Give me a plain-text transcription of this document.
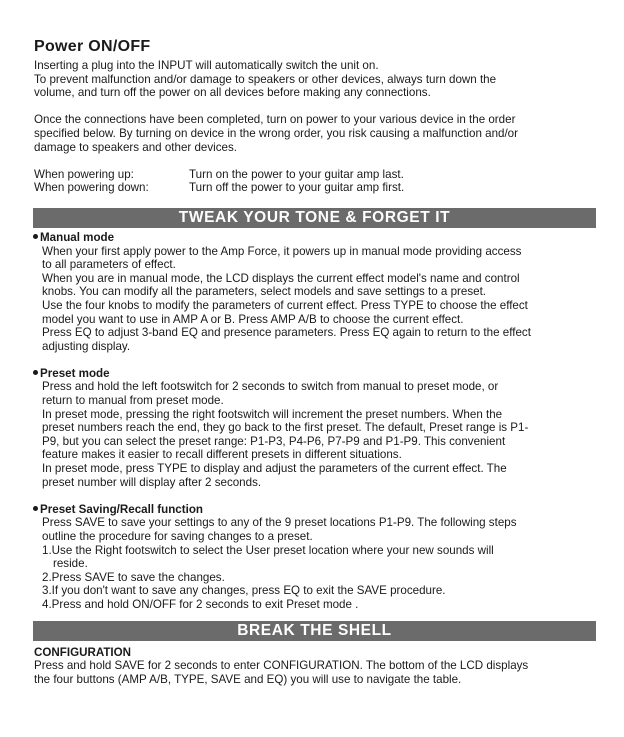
Power ON/OFF

Inserting a plug into the INPUT will automatically switch the unit on.

To prevent malfunction and/or damage to speakers or other devices, always turn down the

volume, and turn off the power on all devices before making any connections.

Once the connections have been completed, turn on power to your various device in the order

specified below. By turning on device in the wrong order, you risk causing a malfunction and/or

damage to speakers and other devices.

When powering up:	Turn on the power to your guitar amp last.
When powering down:	Turn off the power to your guitar amp first.
TWEAK YOUR TONE & FORGET IT
Manual mode

When your first apply power to the Amp Force, it powers up in manual mode providing access

to all parameters of effect.

When you are in manual mode, the LCD displays the current effect model's name and control

knobs. You can modify all the parameters, select models and save settings to a preset.

Use the four knobs to modify the parameters of current effect. Press TYPE to choose the effect

model you want to use in AMP A or B. Press AMP A/B to choose the current effect.

Press EQ to adjust 3-band EQ and presence parameters. Press EQ again to return to the effect

adjusting display.

Preset mode

Press and hold the left footswitch for 2 seconds to switch from manual to preset mode, or

return to manual from preset mode.

In preset mode, pressing the right footswitch will increment the preset numbers. When the

preset numbers reach the end, they go back to the first preset. The default, Preset range is P1-

P9, but you can select the preset range: P1-P3, P4-P6, P7-P9 and P1-P9. This convenient

feature makes it easier to recall different presets in different situations.

In preset mode, press TYPE to display and adjust the parameters of the current effect. The

preset number will display after 2 seconds.

Preset Saving/Recall function

Press SAVE to save your settings to any of the 9 preset locations P1-P9. The following steps

outline the procedure for saving changes to a preset.

1.Use the Right footswitch to select the User preset location where your new sounds will

reside.

2.Press SAVE to save the changes.

3.If you don't want to save any changes, press EQ to exit the SAVE procedure.

4.Press and hold ON/OFF for 2 seconds to exit Preset mode .

BREAK THE SHELL
CONFIGURATION

Press and hold SAVE for 2 seconds to enter CONFIGURATION. The bottom of the LCD displays

the four buttons (AMP A/B, TYPE, SAVE and EQ) you will use to navigate the table.
